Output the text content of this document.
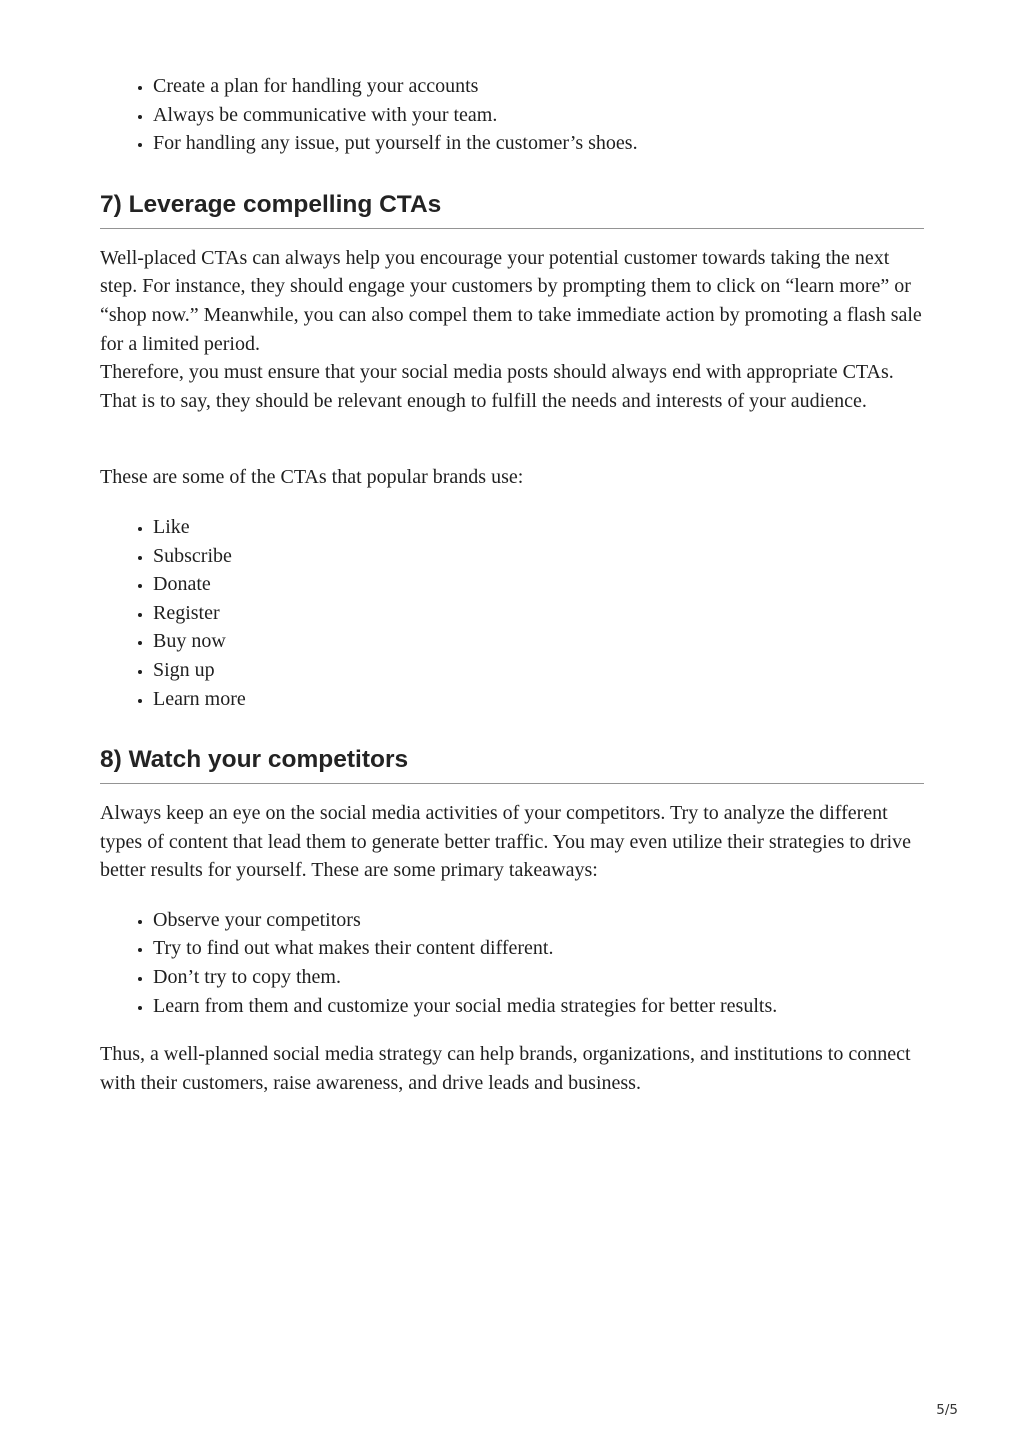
• Create a plan for handling your accounts
• Always be communicative with your team.
• For handling any issue, put yourself in the customer’s shoes.
7) Leverage compelling CTAs

Well-placed CTAs can always help you encourage your potential customer towards taking the next step. For instance, they should engage your customers by prompting them to click on “learn more” or “shop now.” Meanwhile, you can also compel them to take immediate action by promoting a flash sale for a limited period.

Therefore, you must ensure that your social media posts should always end with appropriate CTAs. That is to say, they should be relevant enough to fulfill the needs and interests of your audience.

These are some of the CTAs that popular brands use:

• Like
• Subscribe
• Donate
• Register
• Buy now
• Sign up
• Learn more
8) Watch your competitors

Always keep an eye on the social media activities of your competitors. Try to analyze the different types of content that lead them to generate better traffic. You may even utilize their strategies to drive better results for yourself. These are some primary takeaways:

• Observe your competitors
• Try to find out what makes their content different.
• Don’t try to copy them.
• Learn from them and customize your social media strategies for better results.

Thus, a well-planned social media strategy can help brands, organizations, and institutions to connect with their customers, raise awareness, and drive leads and business.

5/5
